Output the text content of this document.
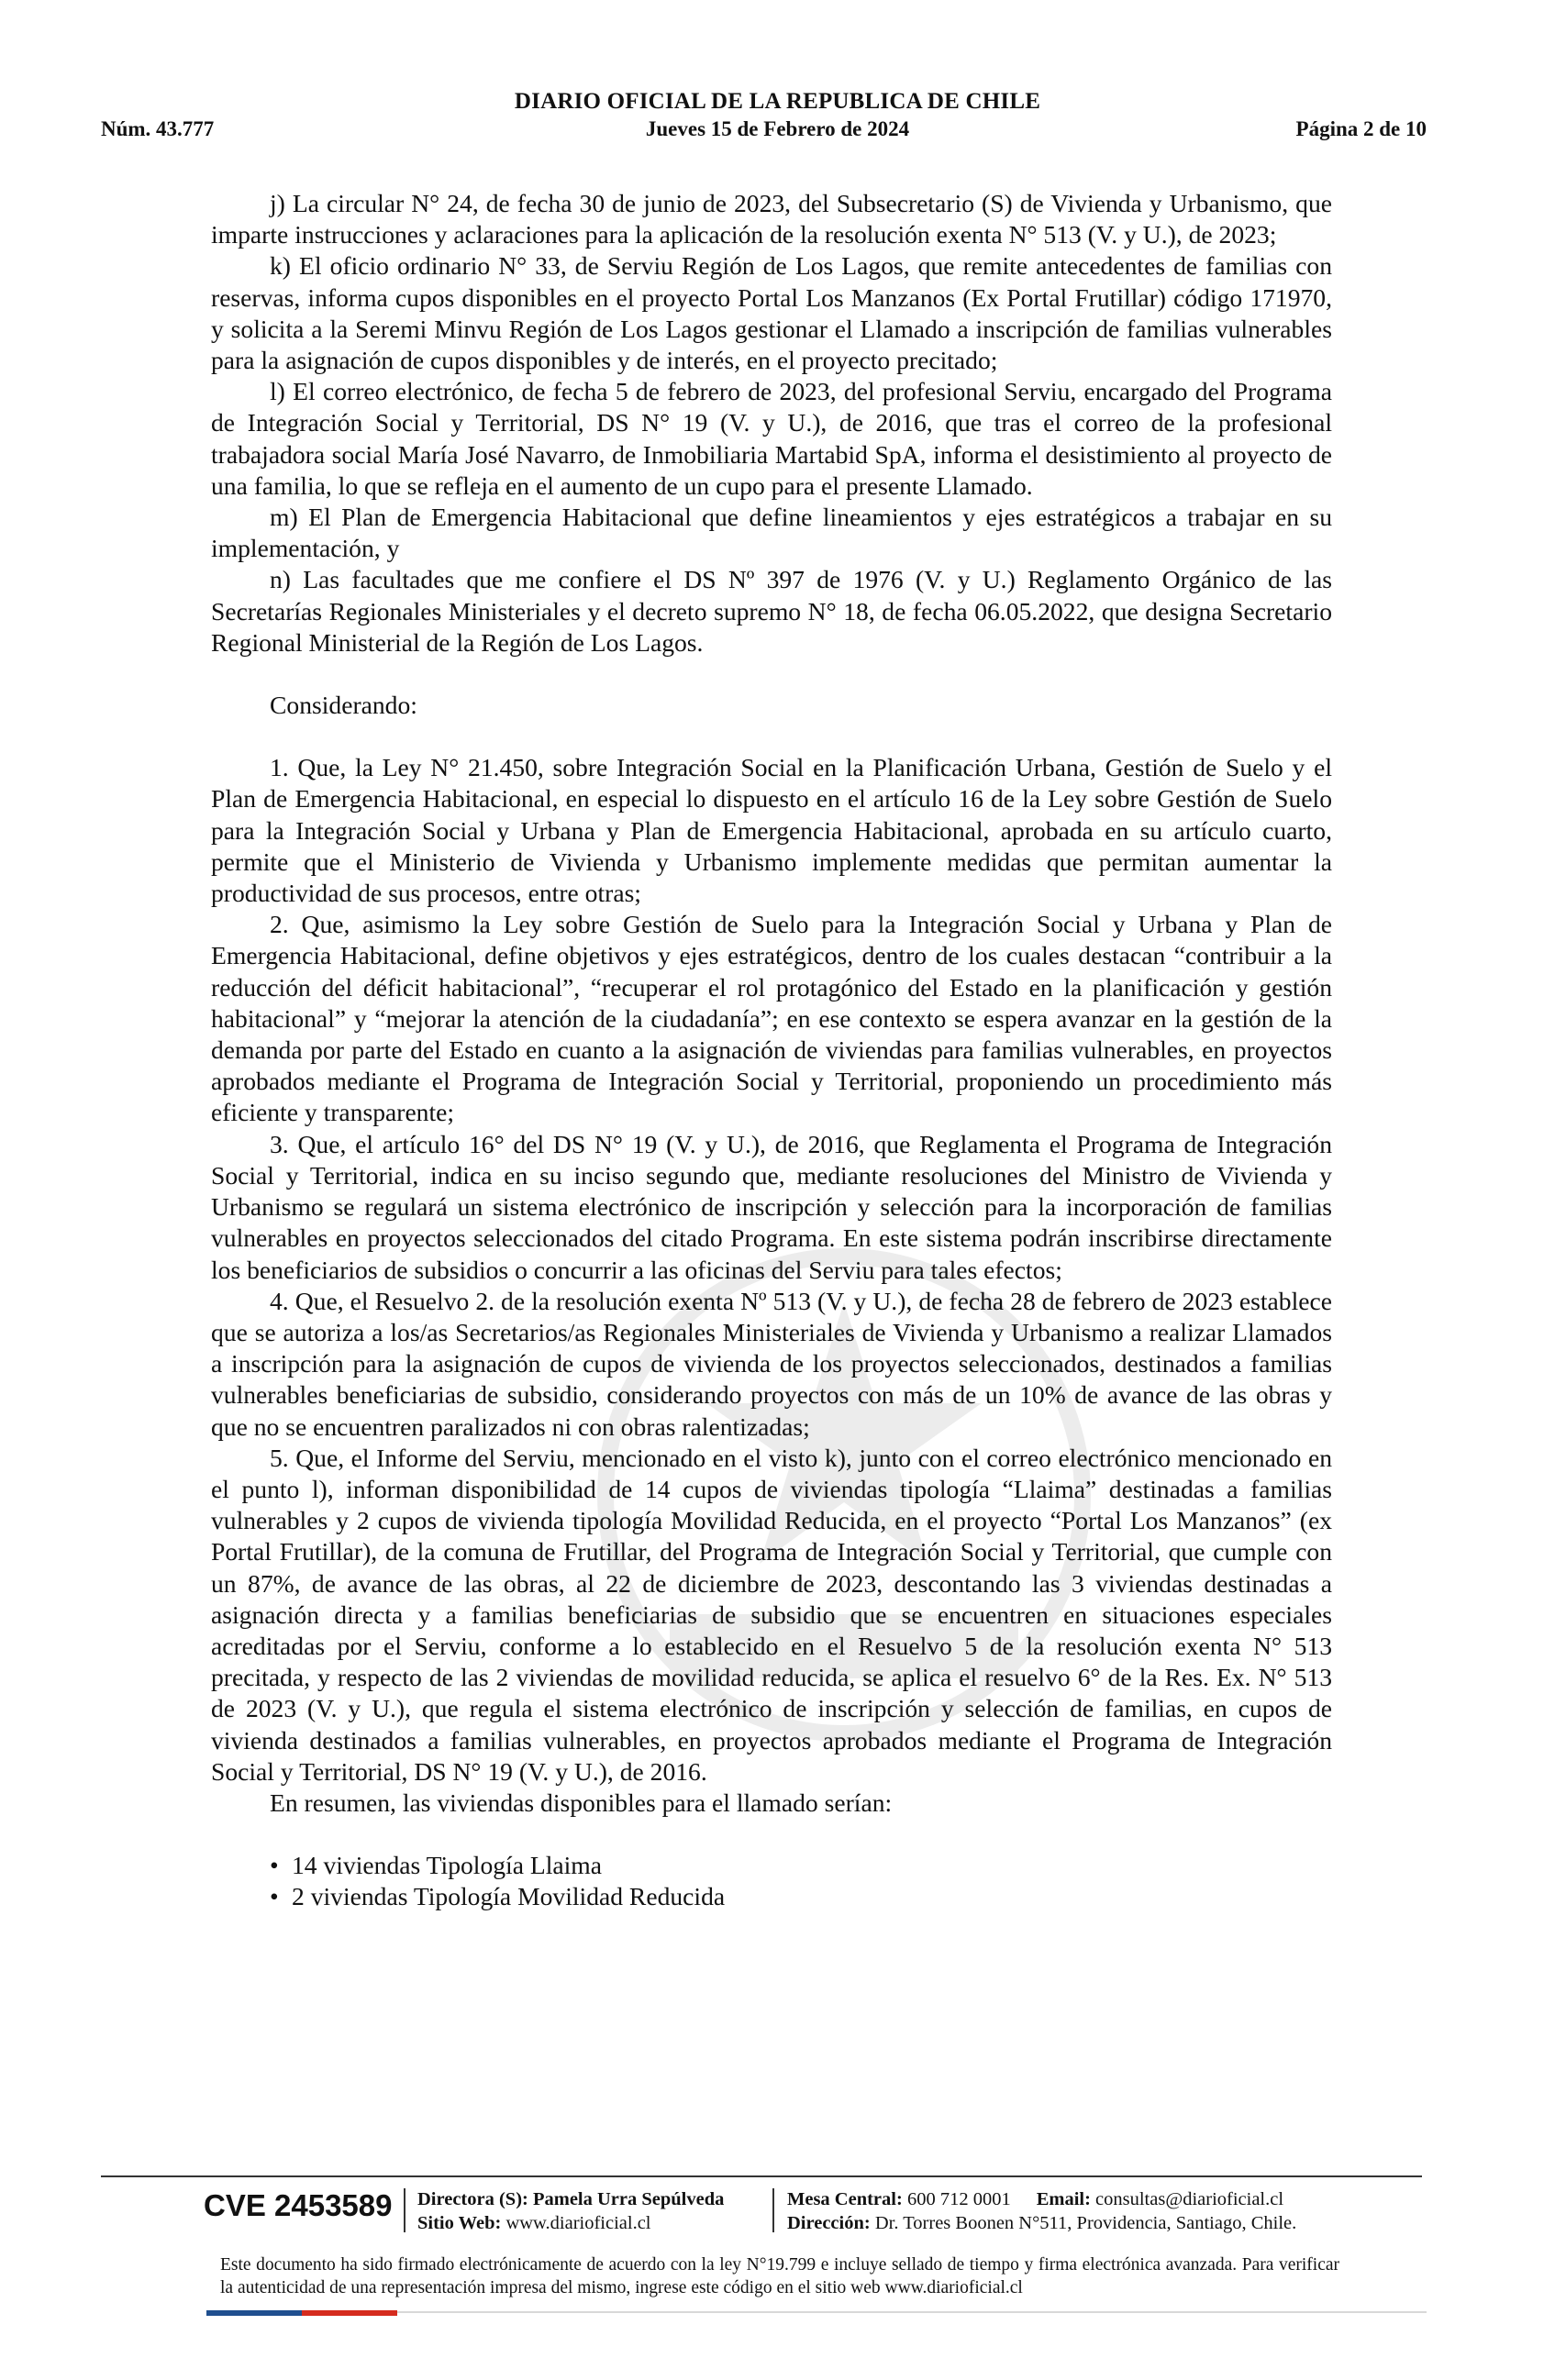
DIARIO OFICIAL DE LA REPUBLICA DE CHILE
Núm. 43.777	Jueves 15 de Febrero de 2024	Página 2 de 10

j) La circular N° 24, de fecha 30 de junio de 2023, del Subsecretario (S) de Vivienda y Urbanismo, que imparte instrucciones y aclaraciones para la aplicación de la resolución exenta N° 513 (V. y U.), de 2023;

k) El oficio ordinario N° 33, de Serviu Región de Los Lagos, que remite antecedentes de familias con reservas, informa cupos disponibles en el proyecto Portal Los Manzanos (Ex Portal Frutillar) código 171970, y solicita a la Seremi Minvu Región de Los Lagos gestionar el Llamado a inscripción de familias vulnerables para la asignación de cupos disponibles y de interés, en el proyecto precitado;

l) El correo electrónico, de fecha 5 de febrero de 2023, del profesional Serviu, encargado del Programa de Integración Social y Territorial, DS N° 19 (V. y U.), de 2016, que tras el correo de la profesional trabajadora social María José Navarro, de Inmobiliaria Martabid SpA, informa el desistimiento al proyecto de una familia, lo que se refleja en el aumento de un cupo para el presente Llamado.

m) El Plan de Emergencia Habitacional que define lineamientos y ejes estratégicos a trabajar en su implementación, y

n) Las facultades que me confiere el DS Nº 397 de 1976 (V. y U.) Reglamento Orgánico de las Secretarías Regionales Ministeriales y el decreto supremo N° 18, de fecha 06.05.2022, que designa Secretario Regional Ministerial de la Región de Los Lagos.

Considerando:

1. Que, la Ley N° 21.450, sobre Integración Social en la Planificación Urbana, Gestión de Suelo y el Plan de Emergencia Habitacional, en especial lo dispuesto en el artículo 16 de la Ley sobre Gestión de Suelo para la Integración Social y Urbana y Plan de Emergencia Habitacional, aprobada en su artículo cuarto, permite que el Ministerio de Vivienda y Urbanismo implemente medidas que permitan aumentar la productividad de sus procesos, entre otras;

2. Que, asimismo la Ley sobre Gestión de Suelo para la Integración Social y Urbana y Plan de Emergencia Habitacional, define objetivos y ejes estratégicos, dentro de los cuales destacan “contribuir a la reducción del déficit habitacional”, “recuperar el rol protagónico del Estado en la planificación y gestión habitacional” y “mejorar la atención de la ciudadanía”; en ese contexto se espera avanzar en la gestión de la demanda por parte del Estado en cuanto a la asignación de viviendas para familias vulnerables, en proyectos aprobados mediante el Programa de Integración Social y Territorial, proponiendo un procedimiento más eficiente y transparente;

3. Que, el artículo 16° del DS N° 19 (V. y U.), de 2016, que Reglamenta el Programa de Integración Social y Territorial, indica en su inciso segundo que, mediante resoluciones del Ministro de Vivienda y Urbanismo se regulará un sistema electrónico de inscripción y selección para la incorporación de familias vulnerables en proyectos seleccionados del citado Programa. En este sistema podrán inscribirse directamente los beneficiarios de subsidios o concurrir a las oficinas del Serviu para tales efectos;

4. Que, el Resuelvo 2. de la resolución exenta Nº 513 (V. y U.), de fecha 28 de febrero de 2023 establece que se autoriza a los/as Secretarios/as Regionales Ministeriales de Vivienda y Urbanismo a realizar Llamados a inscripción para la asignación de cupos de vivienda de los proyectos seleccionados, destinados a familias vulnerables beneficiarias de subsidio, considerando proyectos con más de un 10% de avance de las obras y que no se encuentren paralizados ni con obras ralentizadas;

5. Que, el Informe del Serviu, mencionado en el visto k), junto con el correo electrónico mencionado en el punto l), informan disponibilidad de 14 cupos de viviendas tipología “Llaima” destinadas a familias vulnerables y 2 cupos de vivienda tipología Movilidad Reducida, en el proyecto “Portal Los Manzanos” (ex Portal Frutillar), de la comuna de Frutillar, del Programa de Integración Social y Territorial, que cumple con un 87%, de avance de las obras, al 22 de diciembre de 2023, descontando las 3 viviendas destinadas a asignación directa y a familias beneficiarias de subsidio que se encuentren en situaciones especiales acreditadas por el Serviu, conforme a lo establecido en el Resuelvo 5 de la resolución exenta N° 513 precitada, y respecto de las 2 viviendas de movilidad reducida, se aplica el resuelvo 6° de la Res. Ex. N° 513 de 2023 (V. y U.), que regula el sistema electrónico de inscripción y selección de familias, en cupos de vivienda destinados a familias vulnerables, en proyectos aprobados mediante el Programa de Integración Social y Territorial, DS N° 19 (V. y U.), de 2016.

En resumen, las viviendas disponibles para el llamado serían:

• 14 viviendas Tipología Llaima
• 2 viviendas Tipología Movilidad Reducida
CVE 2453589 Directora (S): Pamela Urra Sepúlveda
Sitio Web: www.diarioficial.cl
Mesa Central: 600 712 0001 Email: consultas@diarioficial.cl
Dirección: Dr. Torres Boonen N°511, Providencia, Santiago, Chile.
Este documento ha sido firmado electrónicamente de acuerdo con la ley N°19.799 e incluye sellado de tiempo y firma electrónica avanzada. Para verificar la autenticidad de una representación impresa del mismo, ingrese este código en el sitio web www.diarioficial.cl
